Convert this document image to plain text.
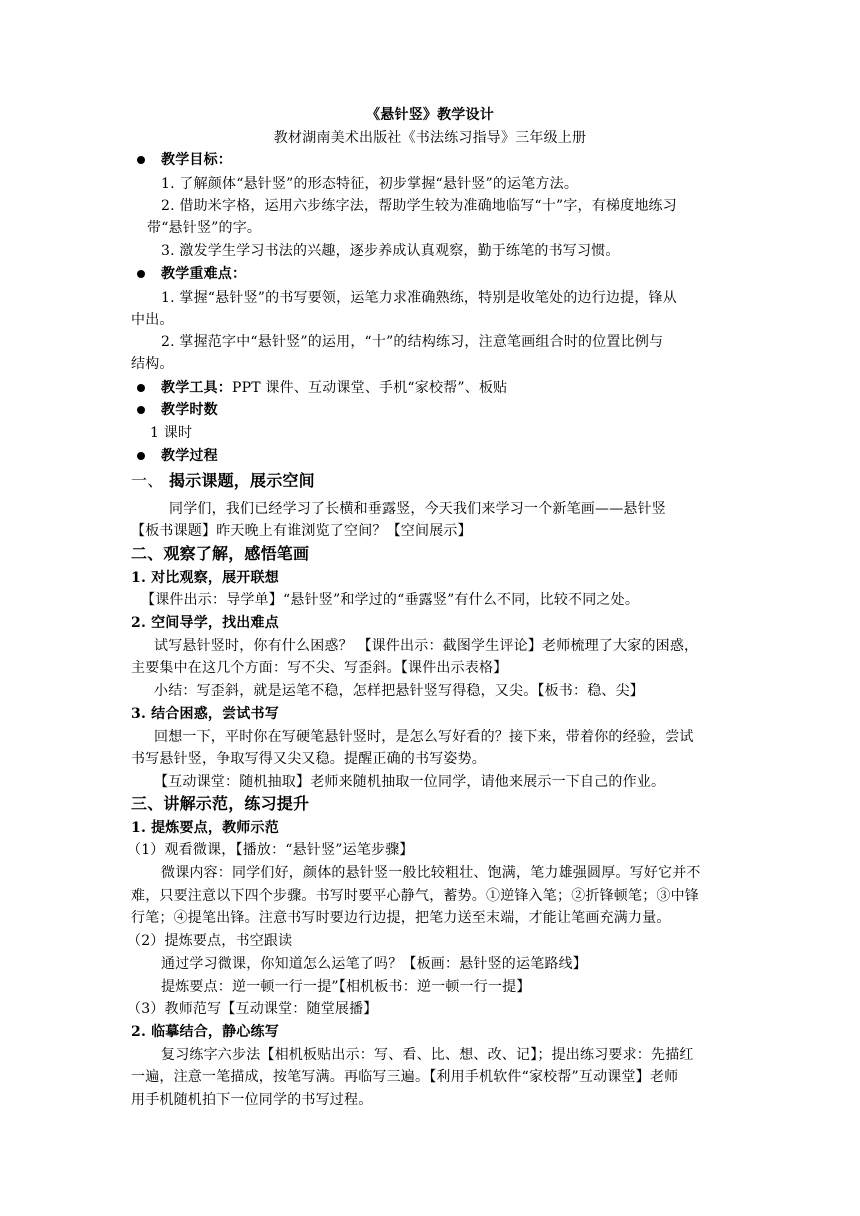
《悬针竖》教学设计
教材湖南美术出版社《书法练习指导》三年级上册
教学目标：
1. 了解颜体“悬针竖”的形态特征，初步掌握“悬针竖”的运笔方法。
2. 借助米字格，运用六步练字法，帮助学生较为准确地临写“十”字，有梯度地练习
带“悬针竖”的字。
3. 激发学生学习书法的兴趣，逐步养成认真观察，勤于练笔的书写习惯。
教学重难点：
1. 掌握“悬针竖”的书写要领，运笔力求准确熟练，特别是收笔处的边行边提，锋从
中出。
2. 掌握范字中“悬针竖”的运用，“十”的结构练习，注意笔画组合时的位置比例与
结构。
教学工具：PPT 课件、互动课堂、手机“家校帮”、板贴
教学时数
1 课时
教学过程
一、 揭示课题，展示空间
同学们，我们已经学习了长横和垂露竖，今天我们来学习一个新笔画——悬针竖
【板书课题】昨天晚上有谁浏览了空间？【空间展示】
二、观察了解，感悟笔画
1. 对比观察，展开联想
【课件出示：导学单】“悬针竖”和学过的“垂露竖”有什么不同，比较不同之处。
2. 空间导学，找出难点
试写悬针竖时，你有什么困惑？ 【课件出示：截图学生评论】老师梳理了大家的困惑，
主要集中在这几个方面：写不尖、写歪斜。【课件出示表格】
小结：写歪斜，就是运笔不稳，怎样把悬针竖写得稳，又尖。【板书：稳、尖】
3. 结合困惑，尝试书写
回想一下，平时你在写硬笔悬针竖时，是怎么写好看的？接下来，带着你的经验，尝试
书写悬针竖，争取写得又尖又稳。提醒正确的书写姿势。
【互动课堂：随机抽取】老师来随机抽取一位同学，请他来展示一下自己的作业。
三、讲解示范，练习提升
1. 提炼要点，教师示范
（1）观看微课，【播放：“悬针竖”运笔步骤】
微课内容：同学们好，颜体的悬针竖一般比较粗壮、饱满，笔力雄强圆厚。写好它并不
难，只要注意以下四个步骤。书写时要平心静气，蓄势。①逆锋入笔；②折锋顿笔；③中锋
行笔；④提笔出锋。注意书写时要边行边提，把笔力送至末端，才能让笔画充满力量。
（2）提炼要点，书空跟读
通过学习微课，你知道怎么运笔了吗？【板画：悬针竖的运笔路线】
提炼要点：逆一顿一行一提”【相机板书：逆一顿一行一提】
（3）教师范写【互动课堂：随堂展播】
2. 临摹结合，静心练写
复习练字六步法【相机板贴出示：写、看、比、想、改、记】；提出练习要求：先描红
一遍，注意一笔描成，按笔写满。再临写三遍。【利用手机软件“家校帮”互动课堂】老师
用手机随机拍下一位同学的书写过程。
